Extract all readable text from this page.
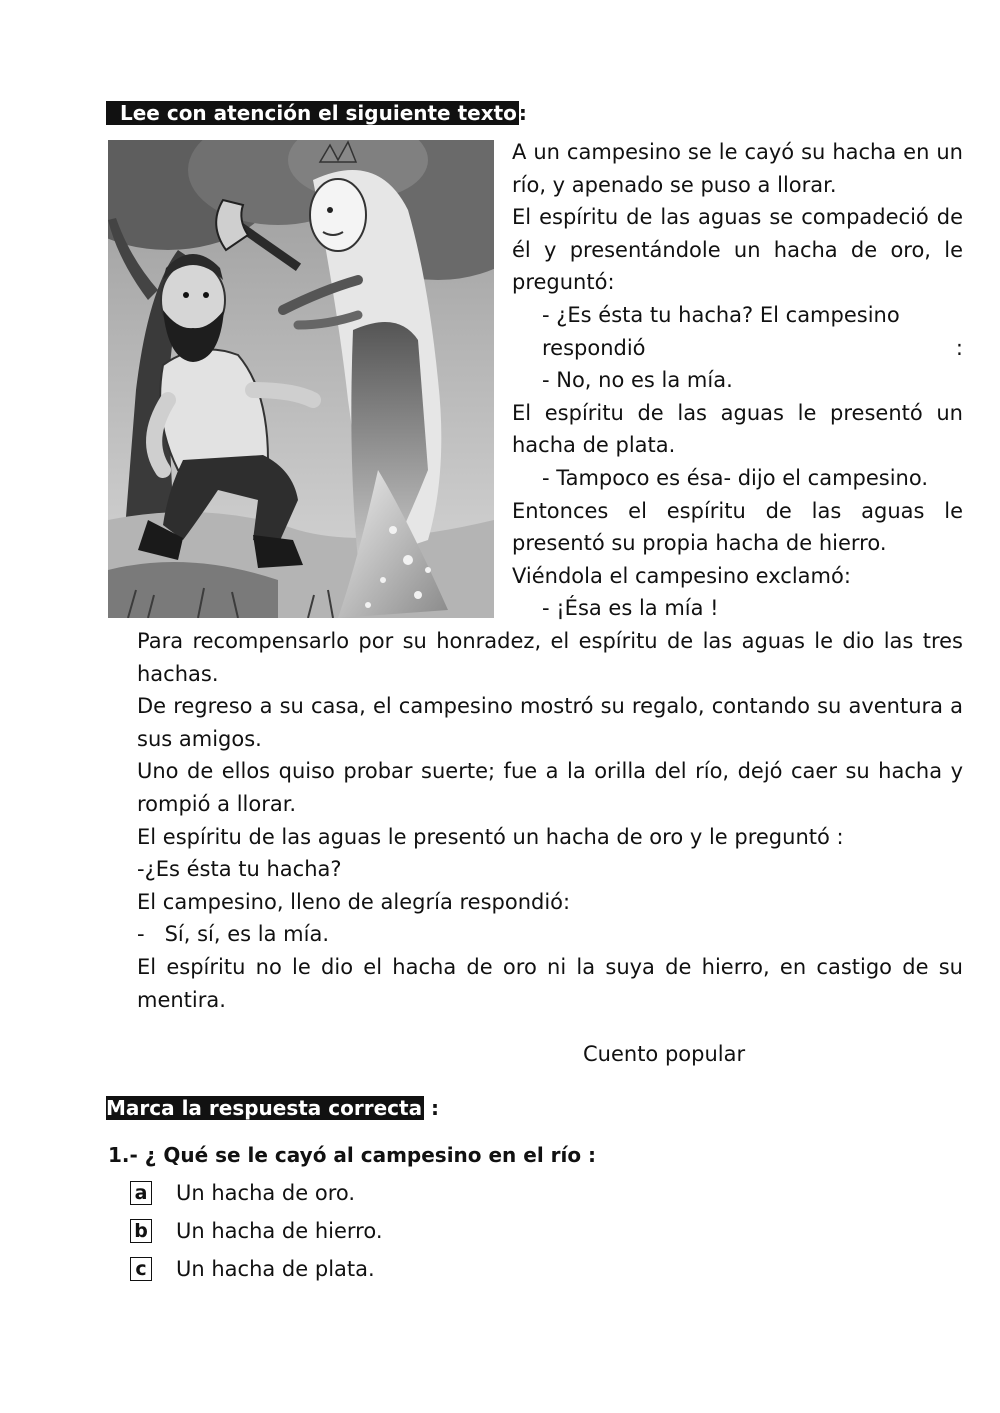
Lee con atención el siguiente texto :

A un campesino se le cayó su hacha en un río, y apenado se puso a llorar.

El espíritu de las aguas se compadeció de él y presentándole un hacha de oro, le preguntó:

- ¿Es ésta tu hacha? El campesino respondió :

- No, no es la mía.

El espíritu de las aguas le presentó un hacha de plata.

- Tampoco es ésa- dijo el campesino.

Entonces el espíritu de las aguas le presentó su propia hacha de hierro.

Viéndola el campesino exclamó:

- ¡Ésa es la mía !

Para recompensarlo por su honradez, el espíritu de las aguas le dio las tres hachas.

De regreso a su casa, el campesino mostró su regalo, contando su aventura a sus amigos.

Uno de ellos quiso probar suerte; fue a la orilla del río, dejó caer su hacha y rompió a llorar.

El espíritu de las aguas le presentó un hacha de oro y le preguntó :

-¿Es ésta tu hacha?

El campesino, lleno de alegría respondió:

-   Sí, sí, es la mía.

El espíritu no le dio el hacha de oro ni la suya de hierro, en castigo de su mentira.

Cuento popular
Marca la respuesta correcta :
1.- ¿ Qué se le cayó al campesino en el río :
a Un hacha de oro.
b Un hacha de hierro.
c Un hacha de plata.
